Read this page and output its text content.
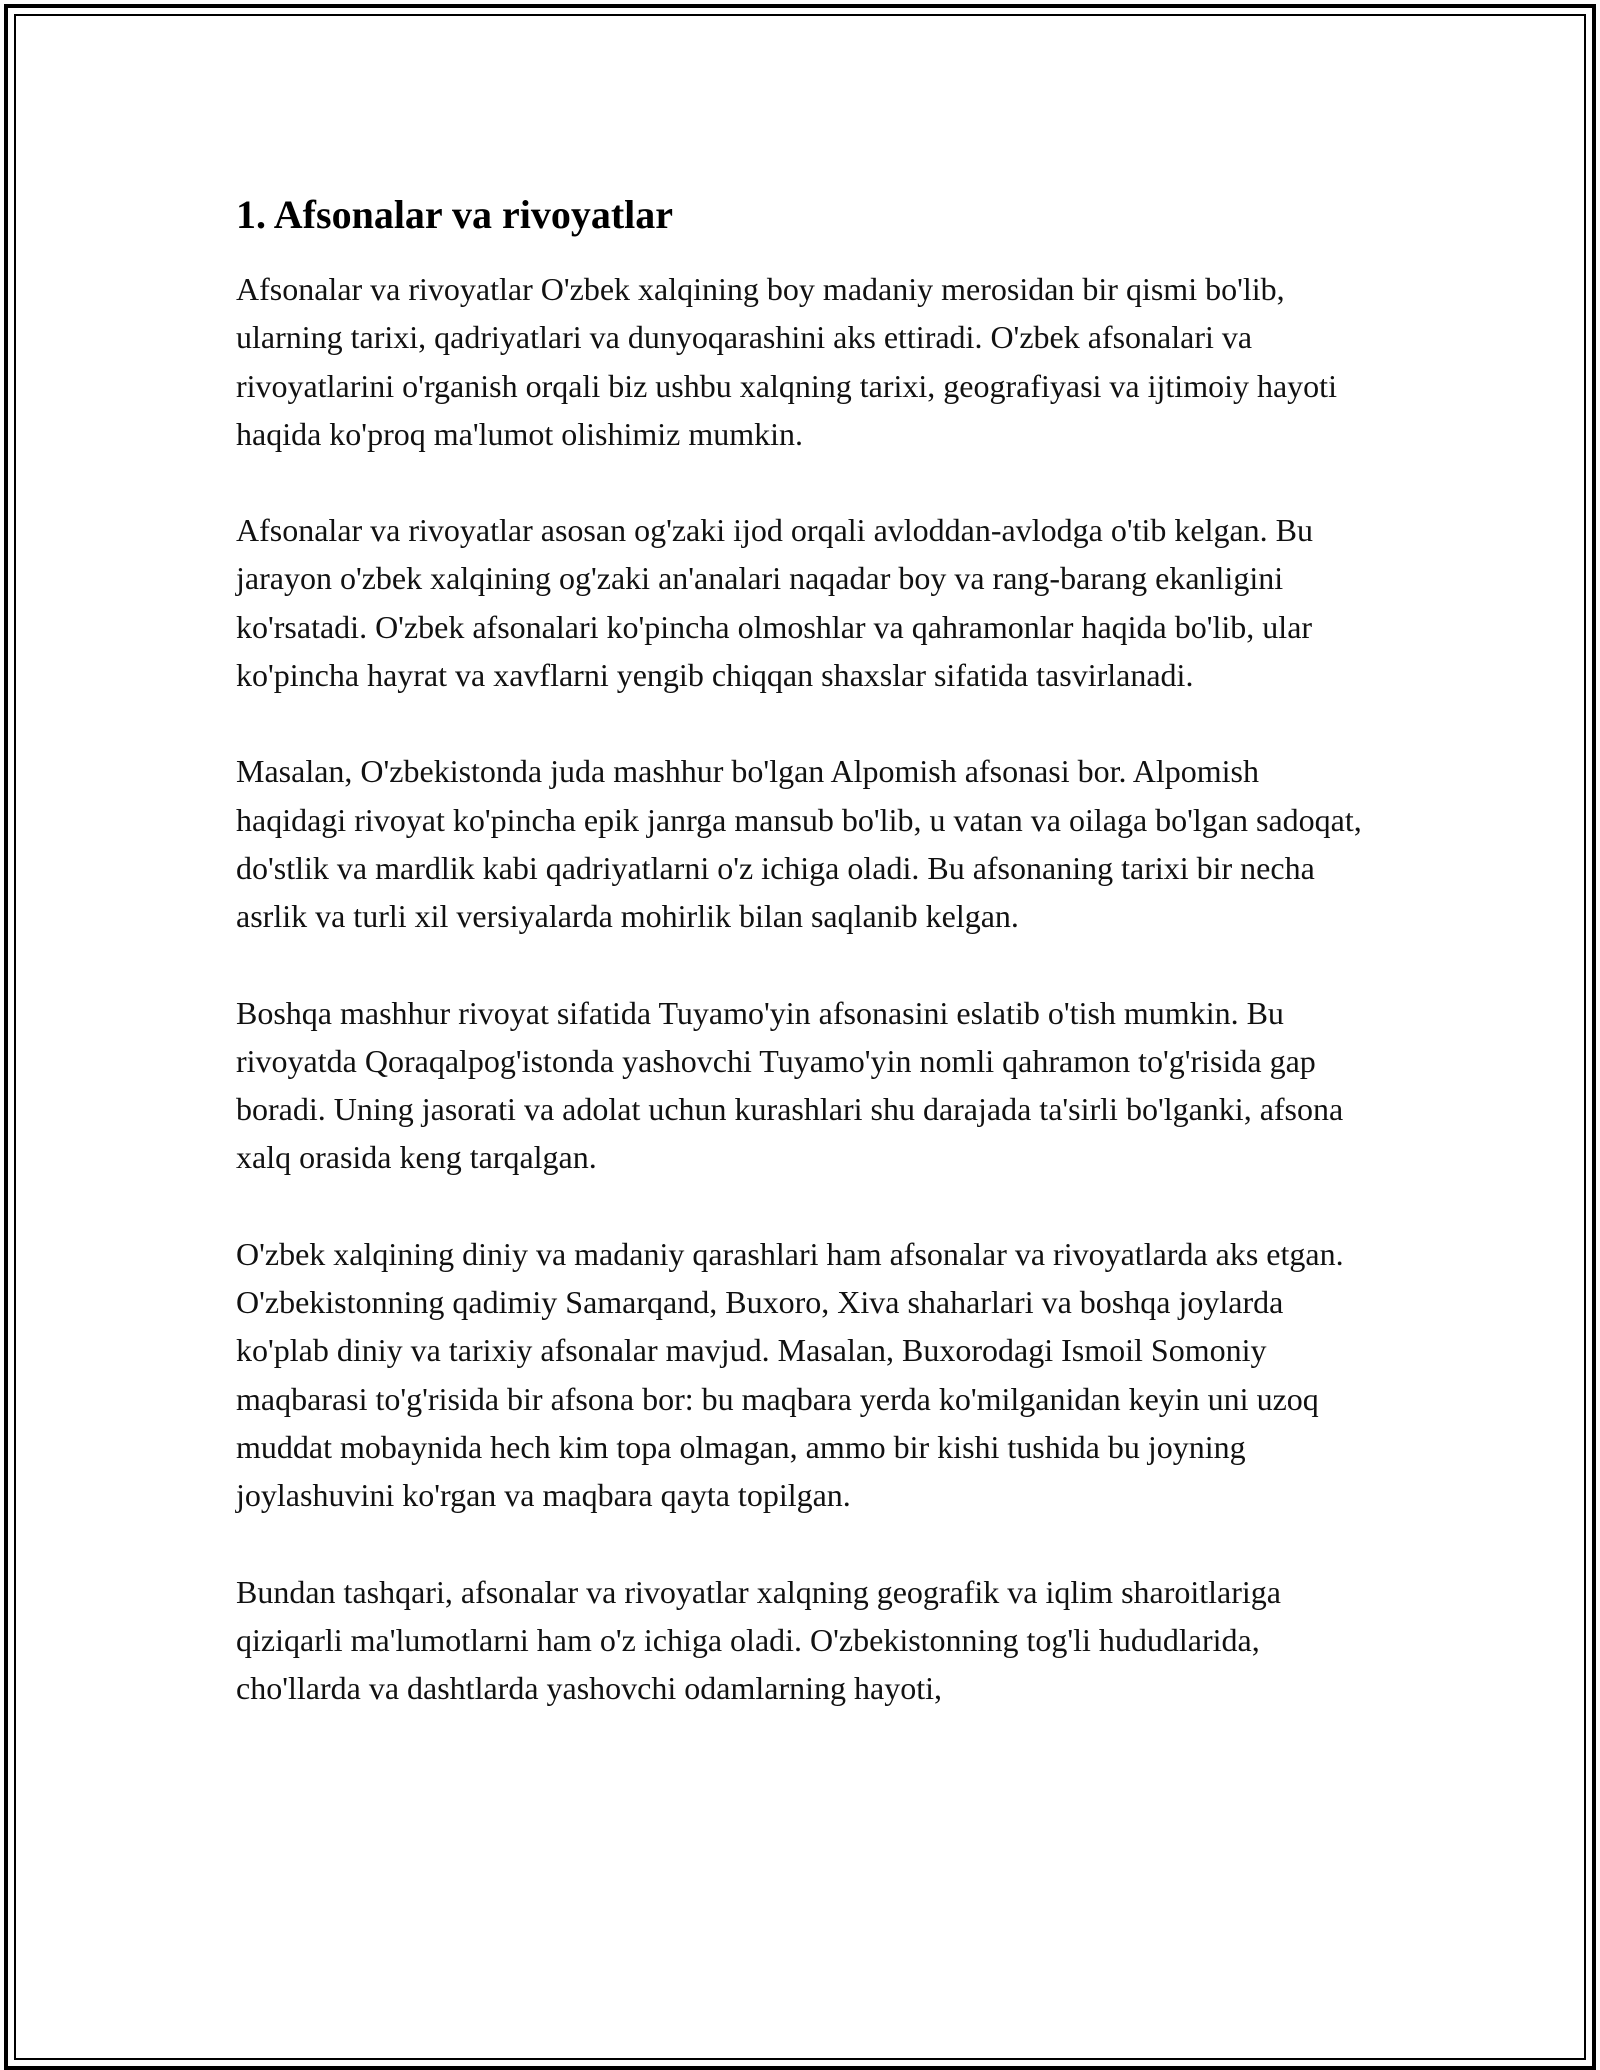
1. Afsonalar va rivoyatlar

Afsonalar va rivoyatlar O'zbek xalqining boy madaniy merosidan bir qismi bo'lib, ularning tarixi, qadriyatlari va dunyoqarashini aks ettiradi. O'zbek afsonalari va rivoyatlarini o'rganish orqali biz ushbu xalqning tarixi, geografiyasi va ijtimoiy hayoti haqida ko'proq ma'lumot olishimiz mumkin.

Afsonalar va rivoyatlar asosan og'zaki ijod orqali avloddan-avlodga o'tib kelgan. Bu jarayon o'zbek xalqining og'zaki an'analari naqadar boy va rang-barang ekanligini ko'rsatadi. O'zbek afsonalari ko'pincha olmoshlar va qahramonlar haqida bo'lib, ular ko'pincha hayrat va xavflarni yengib chiqqan shaxslar sifatida tasvirlanadi.

Masalan, O'zbekistonda juda mashhur bo'lgan Alpomish afsonasi bor. Alpomish haqidagi rivoyat ko'pincha epik janrga mansub bo'lib, u vatan va oilaga bo'lgan sadoqat, do'stlik va mardlik kabi qadriyatlarni o'z ichiga oladi. Bu afsonaning tarixi bir necha asrlik va turli xil versiyalarda mohirlik bilan saqlanib kelgan.

Boshqa mashhur rivoyat sifatida Tuyamo'yin afsonasini eslatib o'tish mumkin. Bu rivoyatda Qoraqalpog'istonda yashovchi Tuyamo'yin nomli qahramon to'g'risida gap boradi. Uning jasorati va adolat uchun kurashlari shu darajada ta'sirli bo'lganki, afsona xalq orasida keng tarqalgan.

O'zbek xalqining diniy va madaniy qarashlari ham afsonalar va rivoyatlarda aks etgan. O'zbekistonning qadimiy Samarqand, Buxoro, Xiva shaharlari va boshqa joylarda ko'plab diniy va tarixiy afsonalar mavjud. Masalan, Buxorodagi Ismoil Somoniy maqbarasi to'g'risida bir afsona bor: bu maqbara yerda ko'milganidan keyin uni uzoq muddat mobaynida hech kim topa olmagan, ammo bir kishi tushida bu joyning joylashuvini ko'rgan va maqbara qayta topilgan.

Bundan tashqari, afsonalar va rivoyatlar xalqning geografik va iqlim sharoitlariga qiziqarli ma'lumotlarni ham o'z ichiga oladi. O'zbekistonning tog'li hududlarida, cho'llarda va dashtlarda yashovchi odamlarning hayoti,
